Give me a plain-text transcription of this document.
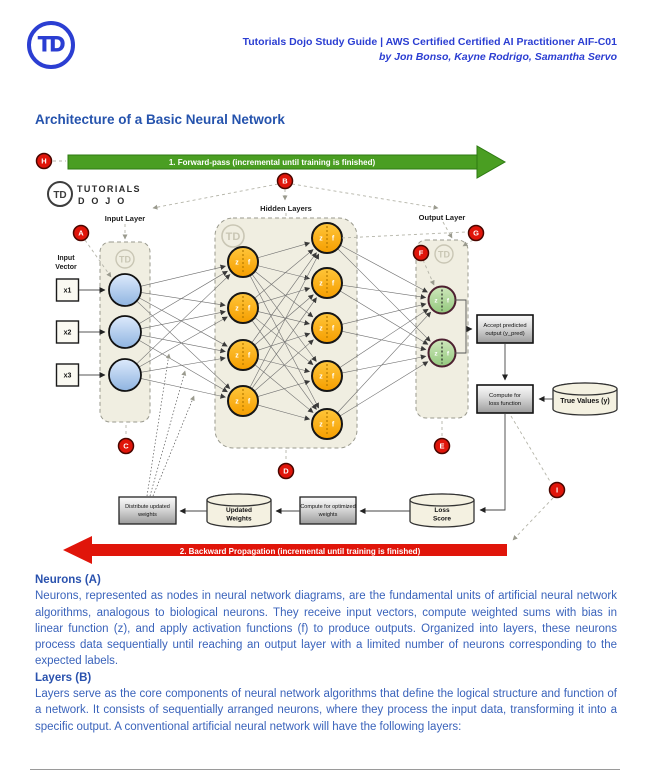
TD	Tutorials Dojo Study Guide | AWS Certified Certified AI Practitioner AIF-C01
by Jon Bonso, Kayne Rodrigo, Samantha Servo
Architecture of a Basic Neural Network
1. Forward-pass (incremental until training is finished)
TD
TUTORIALS
D O J O
TD
TD
TD
Input Layer
Hidden Layers
Output Layer
Input
Vector
x1
x2
x3
z f
z f
z f
z f
z f
z f
z f
z f
z f
z f
z f
Accept predicted
output (y_pred)
Compute for
loss function
Compute for optimized
weights
Distribute updated
weights
True Values (y)
Updated
Weights
Loss
Score
A
B
C
D
E
F
G
H
I
2. Backward Propagation (incremental until training is finished)
Neurons (A)
Neurons, represented as nodes in neural network diagrams, are the fundamental units of artificial neural network algorithms, analogous to biological neurons. They receive input vectors, compute weighted sums with bias in linear function (z), and apply activation functions (f) to produce outputs. Organized into layers, these neurons process data sequentially until reaching an output layer with a limited number of neurons corresponding to the expected labels.
Layers (B)
Layers serve as the core components of neural network algorithms that define the logical structure and function of a network. It consists of sequentially arranged neurons, where they process the input data, transforming it into a specific output. A conventional artificial neural network will have the following layers:
